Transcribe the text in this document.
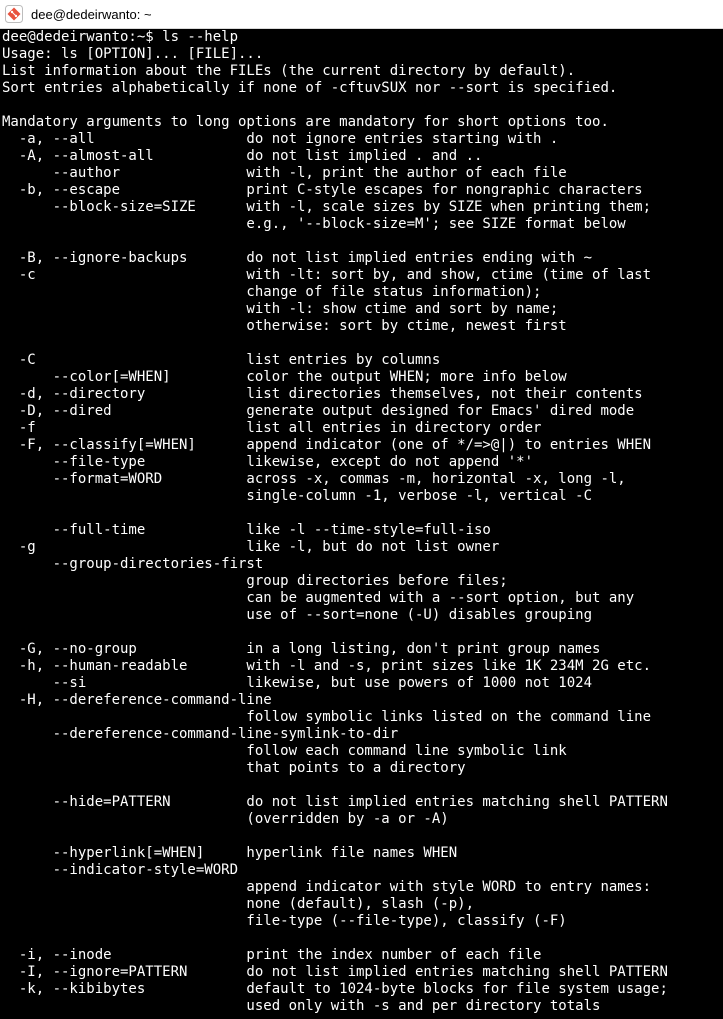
dee@dedeirwanto: ~
dee@dedeirwanto:~$ ls --help
Usage: ls [OPTION]... [FILE]...
List information about the FILEs (the current directory by default).
Sort entries alphabetically if none of -cftuvSUX nor --sort is specified.
Mandatory arguments to long options are mandatory for short options too.
-a, --all                  do not ignore entries starting with .
-A, --almost-all           do not list implied . and ..
--author               with -l, print the author of each file
-b, --escape               print C-style escapes for nongraphic characters
--block-size=SIZE      with -l, scale sizes by SIZE when printing them;
e.g., '--block-size=M'; see SIZE format below
-B, --ignore-backups       do not list implied entries ending with ~
-c                         with -lt: sort by, and show, ctime (time of last
change of file status information);
with -l: show ctime and sort by name;
otherwise: sort by ctime, newest first
-C                         list entries by columns
--color[=WHEN]         color the output WHEN; more info below
-d, --directory            list directories themselves, not their contents
-D, --dired                generate output designed for Emacs' dired mode
-f                         list all entries in directory order
-F, --classify[=WHEN]      append indicator (one of */=>@|) to entries WHEN
--file-type            likewise, except do not append '*'
--format=WORD          across -x, commas -m, horizontal -x, long -l,
single-column -1, verbose -l, vertical -C
--full-time            like -l --time-style=full-iso
-g                         like -l, but do not list owner
--group-directories-first
group directories before files;
can be augmented with a --sort option, but any
use of --sort=none (-U) disables grouping
-G, --no-group             in a long listing, don't print group names
-h, --human-readable       with -l and -s, print sizes like 1K 234M 2G etc.
--si                   likewise, but use powers of 1000 not 1024
-H, --dereference-command-line
follow symbolic links listed on the command line
--dereference-command-line-symlink-to-dir
follow each command line symbolic link
that points to a directory
--hide=PATTERN         do not list implied entries matching shell PATTERN
(overridden by -a or -A)
--hyperlink[=WHEN]     hyperlink file names WHEN
--indicator-style=WORD
append indicator with style WORD to entry names:
none (default), slash (-p),
file-type (--file-type), classify (-F)
-i, --inode                print the index number of each file
-I, --ignore=PATTERN       do not list implied entries matching shell PATTERN
-k, --kibibytes            default to 1024-byte blocks for file system usage;
used only with -s and per directory totals
